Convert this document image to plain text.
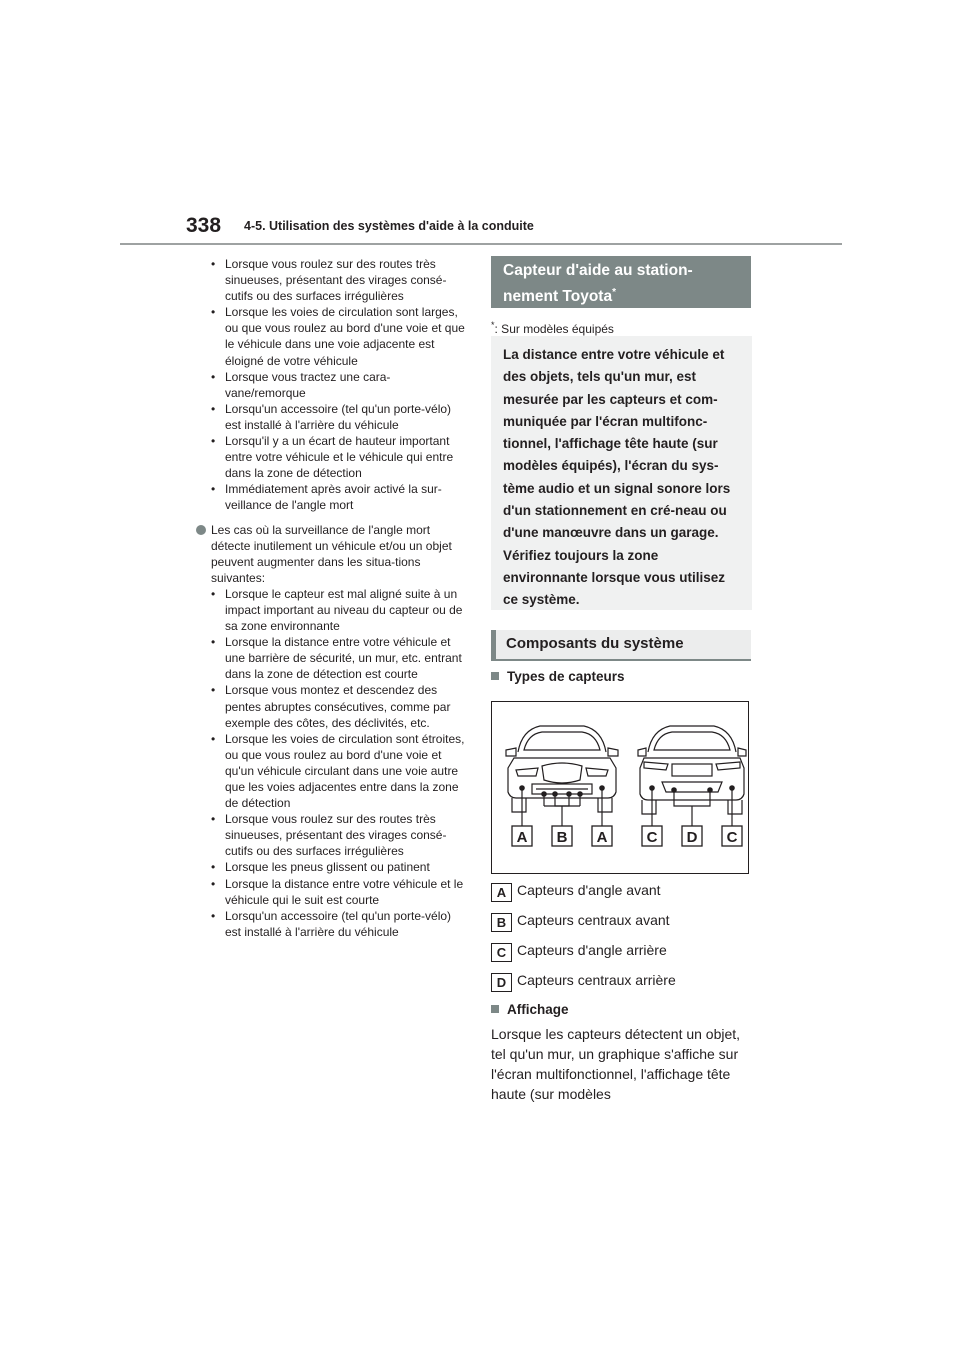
338 4-5. Utilisation des systèmes d'aide à la conduite
• Lorsque vous roulez sur des routes très sinueuses, présentant des virages consé-cutifs ou des surfaces irrégulières
• Lorsque les voies de circulation sont larges, ou que vous roulez au bord d'une voie et que le véhicule dans une voie adjacente est éloigné de votre véhicule
• Lorsque vous tractez une cara-vane/remorque
• Lorsqu'un accessoire (tel qu'un porte-vélo) est installé à l'arrière du véhicule
• Lorsqu'il y a un écart de hauteur important entre votre véhicule et le véhicule qui entre dans la zone de détection
• Immédiatement après avoir activé la sur-veillance de l'angle mort
Les cas où la surveillance de l'angle mort détecte inutilement un véhicule et/ou un objet peuvent augmenter dans les situa-tions suivantes:
• Lorsque le capteur est mal aligné suite à un impact important au niveau du capteur ou de sa zone environnante
• Lorsque la distance entre votre véhicule et une barrière de sécurité, un mur, etc. entrant dans la zone de détection est courte
• Lorsque vous montez et descendez des pentes abruptes consécutives, comme par exemple des côtes, des déclivités, etc.
• Lorsque les voies de circulation sont étroites, ou que vous roulez au bord d'une voie et qu'un véhicule circulant dans une voie autre que les voies adjacentes entre dans la zone de détection
• Lorsque vous roulez sur des routes très sinueuses, présentant des virages consé-cutifs ou des surfaces irrégulières
• Lorsque les pneus glissent ou patinent
• Lorsque la distance entre votre véhicule et le véhicule qui le suit est courte
• Lorsqu'un accessoire (tel qu'un porte-vélo) est installé à l'arrière du véhicule
Capteur d'aide au station-nement Toyota*
*: Sur modèles équipés
La distance entre votre véhicule et des objets, tels qu'un mur, est mesurée par les capteurs et com-muniquée par l'écran multifonc-tionnel, l'affichage tête haute (sur modèles équipés), l'écran du sys-tème audio et un signal sonore lors d'un stationnement en cré-neau ou d'une manœuvre dans un garage. Vérifiez toujours la zone environnante lorsque vous utilisez ce système.
Composants du système
Types de capteurs
A B A	C D C
A Capteurs d'angle avant
B Capteurs centraux avant
C Capteurs d'angle arrière
D Capteurs centraux arrière
Affichage
Lorsque les capteurs détectent un objet, tel qu'un mur, un graphique s'affiche sur l'écran multifonctionnel, l'affichage tête haute (sur modèles
